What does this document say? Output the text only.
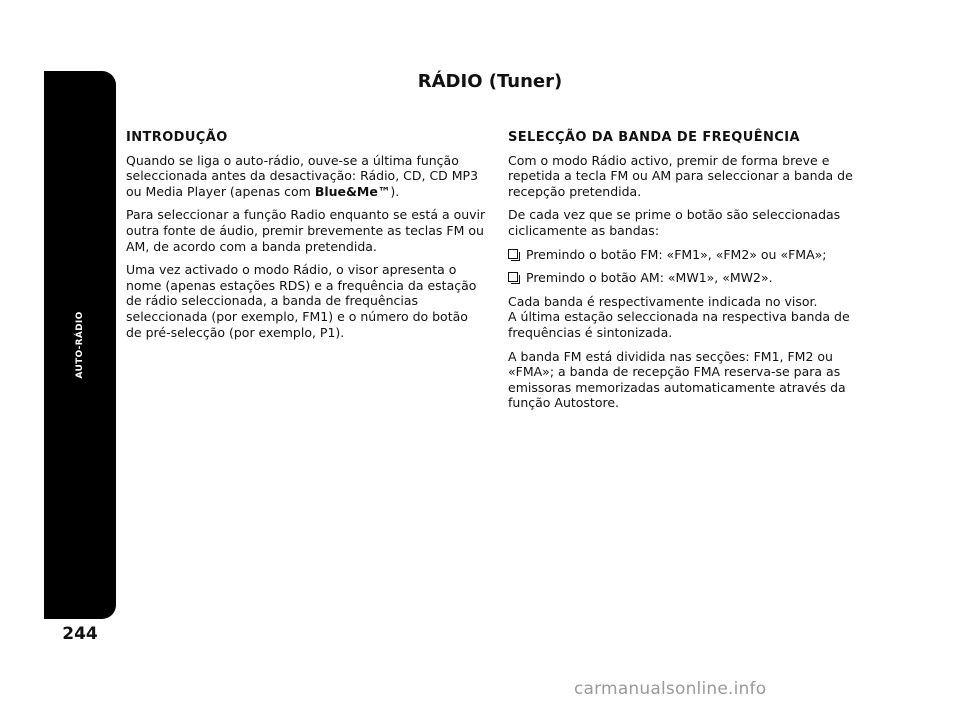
AUTO-RÁDIO
244
RÁDIO (Tuner)
INTRODUÇÃO

Quando se liga o auto-rádio, ouve-se a última função seleccionada antes da desactivação: Rádio, CD, CD MP3 ou Media Player (apenas com Blue&Me™).

Para seleccionar a função Radio enquanto se está a ouvir outra fonte de áudio, premir brevemente as teclas FM ou AM, de acordo com a banda pretendida.

Uma vez activado o modo Rádio, o visor apresenta o nome (apenas estações RDS) e a frequência da estação de rádio seleccionada, a banda de frequências seleccionada (por exemplo, FM1) e o número do botão de pré-selecção (por exemplo, P1).

SELECÇÃO DA BANDA DE FREQUÊNCIA

Com o modo Rádio activo, premir de forma breve e repetida a tecla FM ou AM para seleccionar a banda de recepção pretendida.

De cada vez que se prime o botão são seleccionadas ciclicamente as bandas:

Premindo o botão FM: «FM1», «FM2» ou «FMA»;
Premindo o botão AM: «MW1», «MW2».

Cada banda é respectivamente indicada no visor.

A última estação seleccionada na respectiva banda de frequências é sintonizada.

A banda FM está dividida nas secções: FM1, FM2 ou «FMA»; a banda de recepção FMA reserva-se para as emissoras memorizadas automaticamente através da função Autostore.

carmanualsonline.info
